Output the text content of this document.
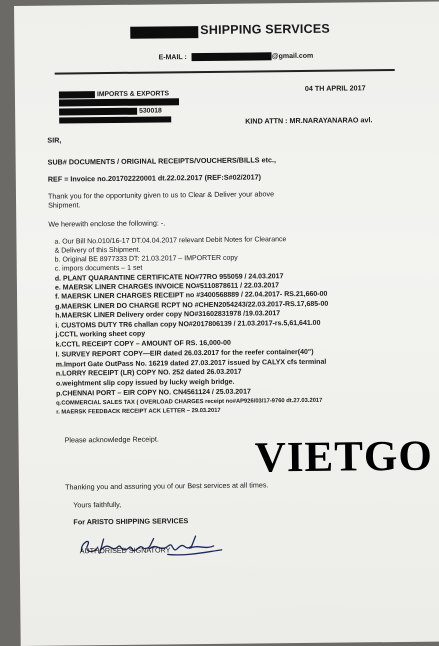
SHIPPING SERVICES
E-MAIL :	@gmail.com
04 TH APRIL 2017
IMPORTS & EXPORTS
530018
KIND ATTN : MR.NARAYANARAO avl.
SIR,
SUB# DOCUMENTS / ORIGINAL RECEIPTS/VOUCHERS/BILLS etc.,
REF = Invoice no.201702220001 dt.22.02.2017 (REF:S#02/2017)
Thank you for the opportunity given to us to Clear & Deliver your above
Shipment.
We herewith enclose the following: -.
a. Our Bill No.010/16-17 DT.04.04.2017 relevant Debit Notes for Clearance
& Delivery of this Shipment.
b. Original BE 8977333 DT: 21.03.2017 – IMPORTER copy
c. impors documents – 1 set
d. PLANT QUARANTINE CERTIFICATE NO#77RO 955059 / 24.03.2017
e. MAERSK LINER CHARGES INVOICE NO#5110878611 / 22.03.2017
f. MAERSK LINER CHARGES RECEIPT no #3400568889 / 22.04.2017- RS.21,660-00
g.MAERSK LINER DO CHARGE RCPT NO #CHEN2054243/22.03.2017-RS.17,685-00
h.MAERSK LINER Delivery order copy NO#31602831978 /19.03.2017
i. CUSTOMS DUTY TR6 challan copy NO#2017806139 / 21.03.2017-rs.5,61,641.00
j.CCTL working sheet copy
k.CCTL RECEIPT COPY – AMOUNT OF RS. 16,000-00
l. SURVEY REPORT COPY—EIR dated 26.03.2017 for the reefer container(40")
m.Import Gate OutPass No. 16219 dated 27.03.2017 issued by CALYX cfs terminal
n.LORRY RECEIPT (LR) COPY NO. 252 dated 26.03.2017
o.weightment slip copy issued by lucky weigh bridge.
p.CHENNAI PORT – EIR COPY NO. CN4561124 / 25.03.2017
q.COMMERCIAL SALES TAX ( OVERLOAD CHARGES receipt no#AP926/03/17-9760 dt.27.03.2017
r. MAERSK FEEDBACK RECEIPT ACK LETTER – 29.03.2017
Please acknowledge Receipt.
Thanking you and assuring you of our Best services at all times.
VIETGO
Yours faithfully,
For ARISTO SHIPPING SERVICES
AUTHORISED SIGNATORY
